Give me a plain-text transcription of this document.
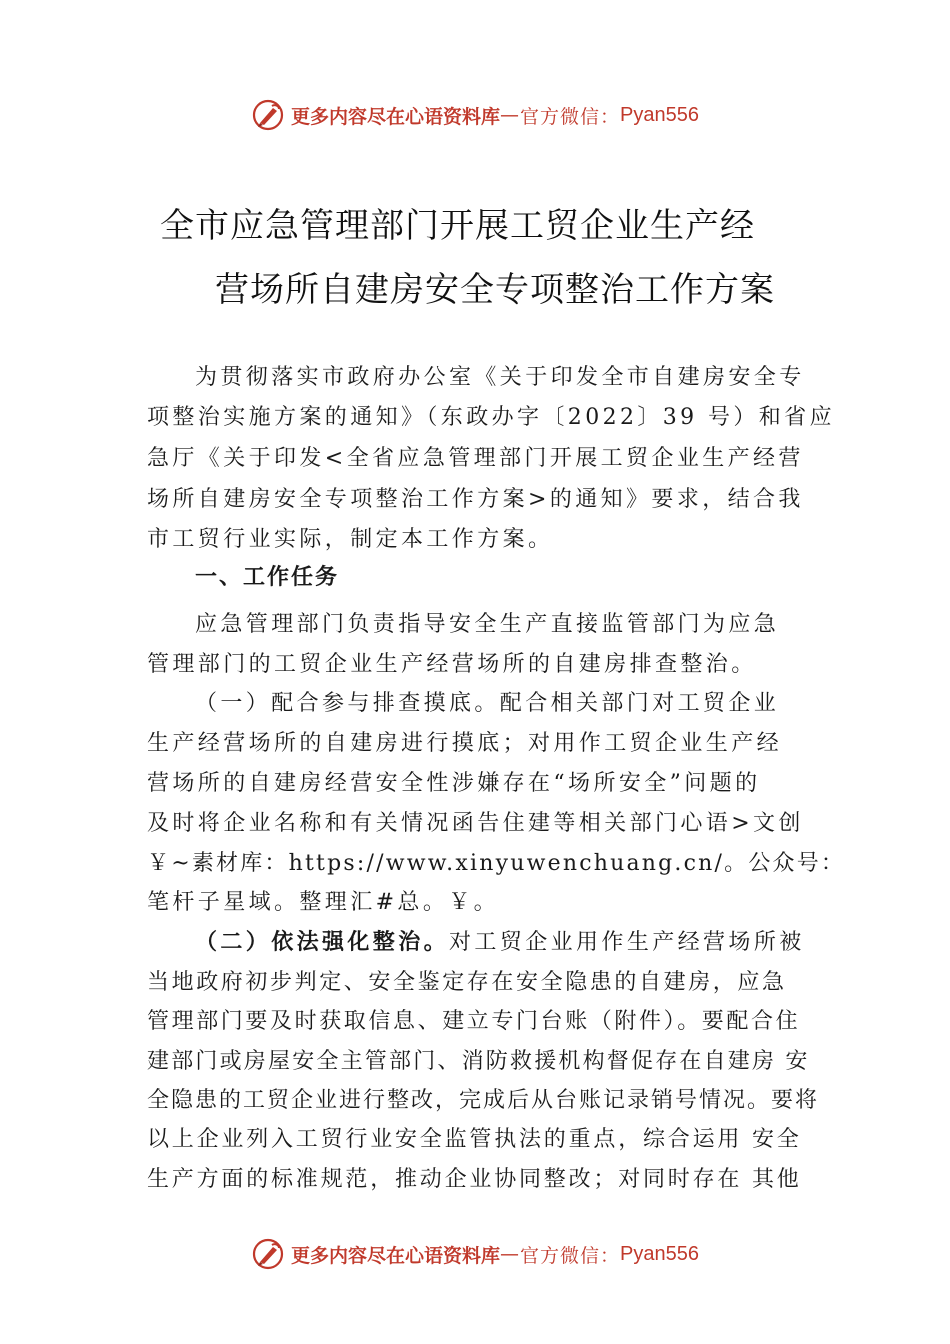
更多内容尽在心语资料库 — 官方微信： Pyan556
全市应急管理部门开展工贸企业生产经
营场所自建房安全专项整治工作方案
为贯彻落实市政府办公室《关于印发全市自建房安全专
项整治实施方案的通知》（东政办字〔2022〕39 号）和省应
急厅《关于印发<全省应急管理部门开展工贸企业生产经营
场所自建房安全专项整治工作方案>的通知》要求，结合我
市工贸行业实际，制定本工作方案。
一、工作任务
应急管理部门负责指导安全生产直接监管部门为应急
管理部门的工贸企业生产经营场所的自建房排查整治。
（一）配合参与排查摸底。配合相关部门对工贸企业
生产经营场所的自建房进行摸底；对用作工贸企业生产经
营场所的自建房经营安全性涉嫌存在“场所安全”问题的
及时将企业名称和有关情况函告住建等相关部门心语>文创
￥~素材库：https://www.xinyuwenchuang.cn/。公众号：
笔杆子星域。整理汇#总。￥。
（二）依法强化整治。对工贸企业用作生产经营场所被
当地政府初步判定、安全鉴定存在安全隐患的自建房，应急
管理部门要及时获取信息、建立专门台账（附件）。要配合住
建部门或房屋安全主管部门、消防救援机构督促存在自建房 安
全隐患的工贸企业进行整改，完成后从台账记录销号情况。要将
以上企业列入工贸行业安全监管执法的重点，综合运用 安全
生产方面的标准规范，推动企业协同整改；对同时存在 其他
更多内容尽在心语资料库 — 官方微信： Pyan556
